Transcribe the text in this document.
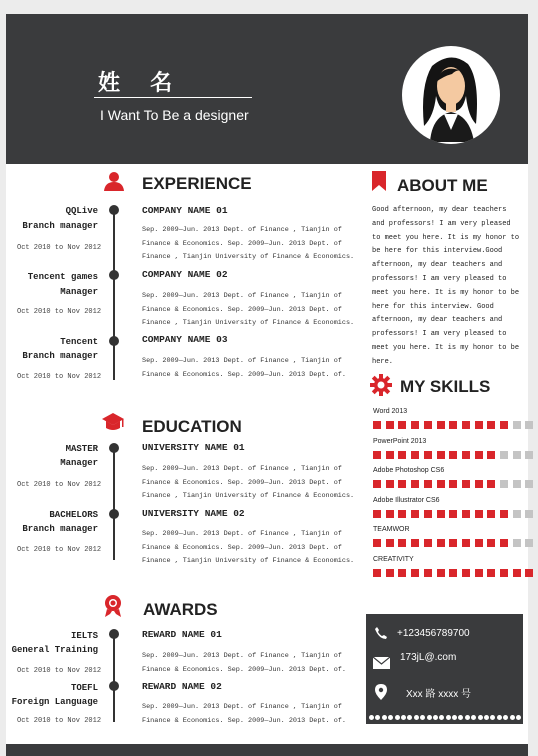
姓 名
I Want To Be a designer
EXPERIENCE
QQLive
Branch manager
Oct 2010 to Nov 2012
COMPANY NAME 01
Sep. 2009—Jun. 2013 Dept. of Finance , Tianjin of Finance & Economics. Sep. 2009—Jun. 2013 Dept. of Finance , Tianjin University of Finance & Economics.
Tencent games
Manager
Oct 2010 to Nov 2012
COMPANY NAME 02
Sep. 2009—Jun. 2013 Dept. of Finance , Tianjin of Finance & Economics. Sep. 2009—Jun. 2013 Dept. of Finance , Tianjin University of Finance & Economics.
Tencent
Branch manager
Oct 2010 to Nov 2012
COMPANY NAME 03
Sep. 2009—Jun. 2013 Dept. of Finance , Tianjin of Finance & Economics. Sep. 2009—Jun. 2013 Dept. of.
EDUCATION
MASTER
Manager
Oct 2010 to Nov 2012
UNIVERSITY NAME 01
Sep. 2009—Jun. 2013 Dept. of Finance , Tianjin of Finance & Economics. Sep. 2009—Jun. 2013 Dept. of Finance , Tianjin University of Finance & Economics.
BACHELORS
Branch manager
Oct 2010 to Nov 2012
UNIVERSITY NAME 02
Sep. 2009—Jun. 2013 Dept. of Finance , Tianjin of Finance & Economics. Sep. 2009—Jun. 2013 Dept. of Finance , Tianjin University of Finance & Economics.
AWARDS
IELTS
General Training
Oct 2010 to Nov 2012
REWARD NAME 01
Sep. 2009—Jun. 2013 Dept. of Finance , Tianjin of Finance & Economics. Sep. 2009—Jun. 2013 Dept. of.
TOEFL
Foreign Language
Oct 2010 to Nov 2012
REWARD NAME 02
Sep. 2009—Jun. 2013 Dept. of Finance , Tianjin of Finance & Economics. Sep. 2009—Jun. 2013 Dept. of.
ABOUT ME
Good afternoon, my dear teachers and professors! I am very pleased to meet you here. It is my honor to be here for this interview.Good afternoon, my dear teachers and professors! I am very pleased to meet you here. It is my honor to be here for this interview. Good afternoon, my dear teachers and professors! I am very pleased to meet you here. It is my honor to be here.
MY SKILLS
Word 2013
PowerPoint 2013
Adobe Photoshop CS6
Adobe Illustrator CS6
TEAMWOR
CREATIVITY
+123456789700
173jL@.com
Xxx 路 xxxx 号
